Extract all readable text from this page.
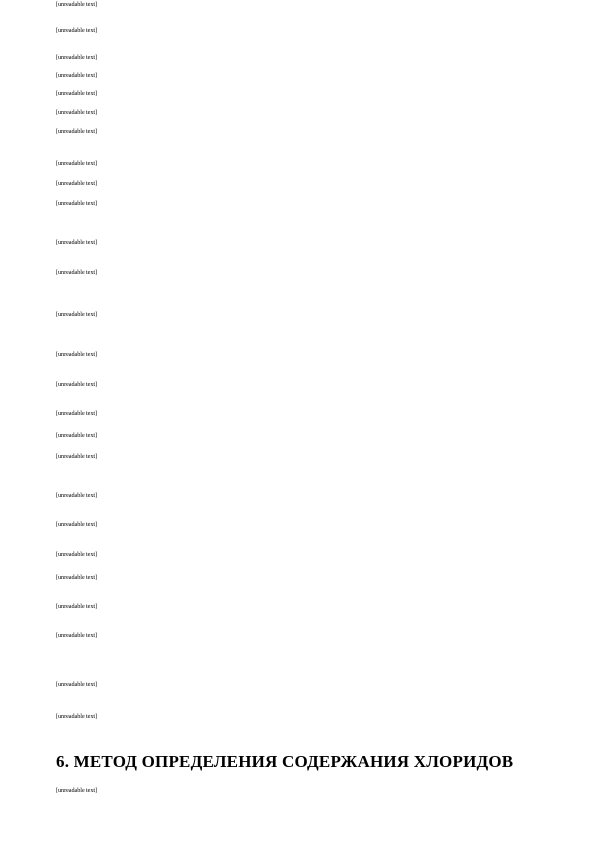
[unreadable text]

[unreadable text]

[unreadable text]

[unreadable text]

[unreadable text]

[unreadable text]

[unreadable text]

[unreadable text]

[unreadable text]

[unreadable text]

[unreadable text]

[unreadable text]

[unreadable text]

[unreadable text]

[unreadable text]

[unreadable text]

[unreadable text]

[unreadable text]

[unreadable text]

[unreadable text]

[unreadable text]

[unreadable text]

[unreadable text]

[unreadable text]

[unreadable text]

[unreadable text]

6. МЕТОД ОПРЕДЕЛЕНИЯ СОДЕРЖАНИЯ ХЛОРИДОВ

[unreadable text]
